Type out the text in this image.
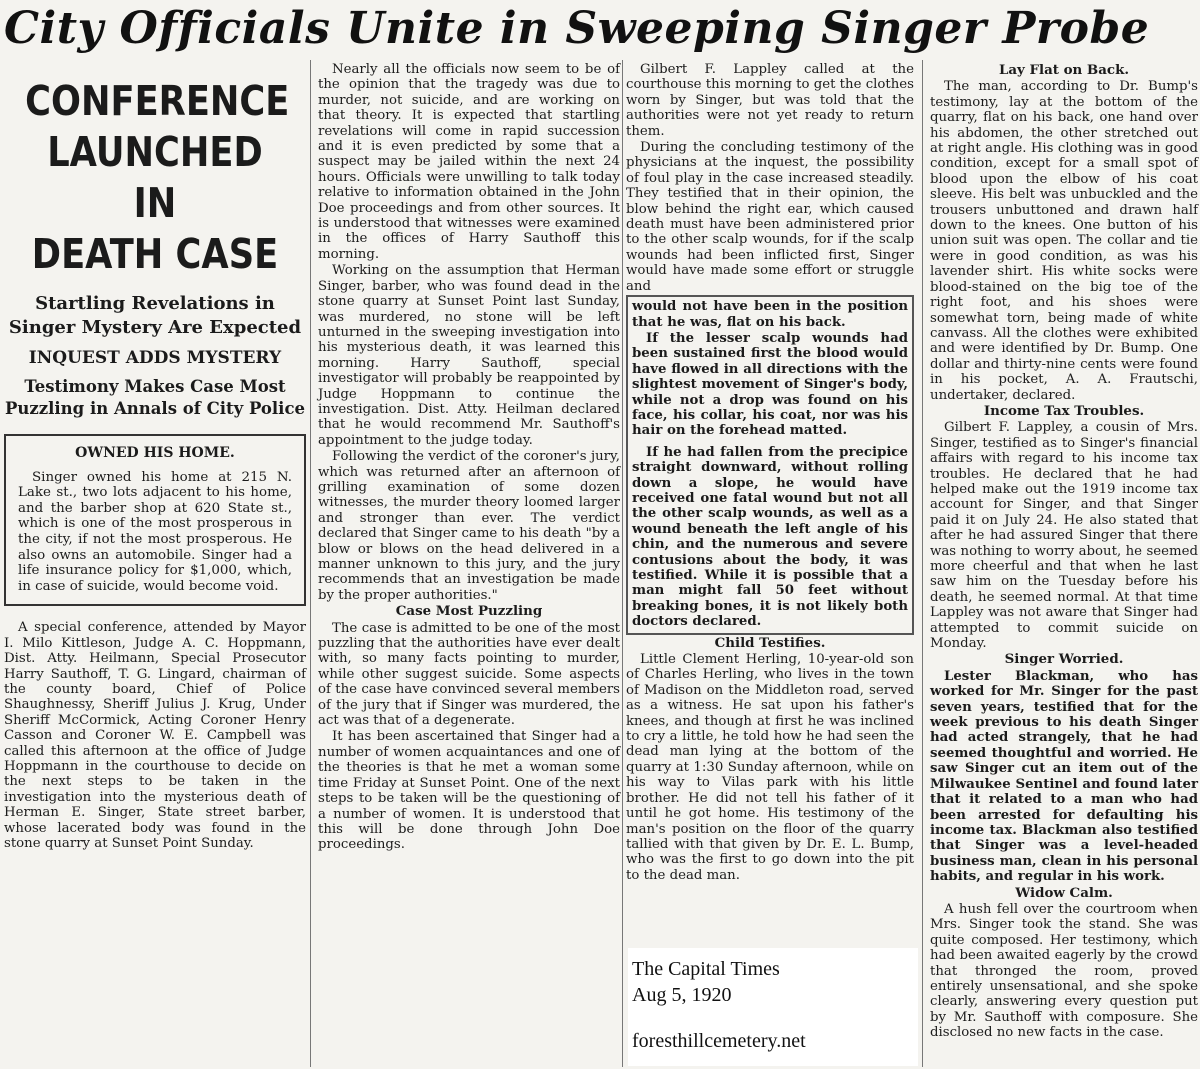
City Officials Unite in Sweeping Singer Probe
CONFERENCE
LAUNCHED IN
DEATH CASE
Startling Revelations in Singer Mystery Are Expected
INQUEST ADDS MYSTERY
Testimony Makes Case Most Puzzling in Annals of City Police
OWNED HIS HOME.
Singer owned his home at 215 N. Lake st., two lots adjacent to his home, and the barber shop at 620 State st., which is one of the most prosperous in the city, if not the most prosperous. He also owns an automobile. Singer had a life insurance policy for $1,000, which, in case of suicide, would become void.

A special conference, attended by Mayor I. Milo Kittleson, Judge A. C. Hoppmann, Dist. Atty. Heilmann, Special Prosecutor Harry Sauthoff, T. G. Lingard, chairman of the county board, Chief of Police Shaughnessy, Sheriff Julius J. Krug, Under Sheriff McCormick, Acting Coroner Henry Casson and Coroner W. E. Campbell was called this afternoon at the office of Judge Hoppmann in the courthouse to decide on the next steps to be taken in the investigation into the mysterious death of Herman E. Singer, State street barber, whose lacerated body was found in the stone quarry at Sunset Point Sunday.

Nearly all the officials now seem to be of the opinion that the tragedy was due to murder, not suicide, and are working on that theory. It is expected that startling revelations will come in rapid succession and it is even predicted by some that a suspect may be jailed within the next 24 hours. Officials were unwilling to talk today relative to information obtained in the John Doe proceedings and from other sources. It is understood that witnesses were examined in the offices of Harry Sauthoff this morning.

Working on the assumption that Herman Singer, barber, who was found dead in the stone quarry at Sunset Point last Sunday, was murdered, no stone will be left unturned in the sweeping investigation into his mysterious death, it was learned this morning. Harry Sauthoff, special investigator will probably be reappointed by Judge Hoppmann to continue the investigation. Dist. Atty. Heilman declared that he would recommend Mr. Sauthoff's appointment to the judge today.

Following the verdict of the coroner's jury, which was returned after an afternoon of grilling examination of some dozen witnesses, the murder theory loomed larger and stronger than ever. The verdict declared that Singer came to his death "by a blow or blows on the head delivered in a manner unknown to this jury, and the jury recommends that an investigation be made by the proper authorities."

Case Most Puzzling

The case is admitted to be one of the most puzzling that the authorities have ever dealt with, so many facts pointing to murder, while other suggest suicide. Some aspects of the case have convinced several members of the jury that if Singer was murdered, the act was that of a degenerate.

It has been ascertained that Singer had a number of women acquaintances and one of the theories is that he met a woman some time Friday at Sunset Point. One of the next steps to be taken will be the questioning of a number of women. It is understood that this will be done through John Doe proceedings.

Gilbert F. Lappley called at the courthouse this morning to get the clothes worn by Singer, but was told that the authorities were not yet ready to return them.

During the concluding testimony of the physicians at the inquest, the possibility of foul play in the case increased steadily. They testified that in their opinion, the blow behind the right ear, which caused death must have been administered prior to the other scalp wounds, for if the scalp wounds had been inflicted first, Singer would have made some effort or struggle and

would not have been in the position that he was, flat on his back.

If the lesser scalp wounds had been sustained first the blood would have flowed in all directions with the slightest movement of Singer's body, while not a drop was found on his face, his collar, his coat, nor was his hair on the forehead matted.

If he had fallen from the precipice straight downward, without rolling down a slope, he would have received one fatal wound but not all the other scalp wounds, as well as a wound beneath the left angle of his chin, and the numerous and severe contusions about the body, it was testified. While it is possible that a man might fall 50 feet without breaking bones, it is not likely both doctors declared.

Child Testifies.

Little Clement Herling, 10-year-old son of Charles Herling, who lives in the town of Madison on the Middleton road, served as a witness. He sat upon his father's knees, and though at first he was inclined to cry a little, he told how he had seen the dead man lying at the bottom of the quarry at 1:30 Sunday afternoon, while on his way to Vilas park with his little brother. He did not tell his father of it until he got home. His testimony of the man's position on the floor of the quarry tallied with that given by Dr. E. L. Bump, who was the first to go down into the pit to the dead man.

Lay Flat on Back.

The man, according to Dr. Bump's testimony, lay at the bottom of the quarry, flat on his back, one hand over his abdomen, the other stretched out at right angle. His clothing was in good condition, except for a small spot of blood upon the elbow of his coat sleeve. His belt was unbuckled and the trousers unbuttoned and drawn half down to the knees. One button of his union suit was open. The collar and tie were in good condition, as was his lavender shirt. His white socks were blood-stained on the big toe of the right foot, and his shoes were somewhat torn, being made of white canvass. All the clothes were exhibited and were identified by Dr. Bump. One dollar and thirty-nine cents were found in his pocket, A. A. Frautschi, undertaker, declared.

Income Tax Troubles.

Gilbert F. Lappley, a cousin of Mrs. Singer, testified as to Singer's financial affairs with regard to his income tax troubles. He declared that he had helped make out the 1919 income tax account for Singer, and that Singer paid it on July 24. He also stated that after he had assured Singer that there was nothing to worry about, he seemed more cheerful and that when he last saw him on the Tuesday before his death, he seemed normal. At that time Lappley was not aware that Singer had attempted to commit suicide on Monday.

Singer Worried.

Lester Blackman, who has worked for Mr. Singer for the past seven years, testified that for the week previous to his death Singer had acted strangely, that he had seemed thoughtful and worried. He saw Singer cut an item out of the Milwaukee Sentinel and found later that it related to a man who had been arrested for defaulting his income tax. Blackman also testified that Singer was a level-headed business man, clean in his personal habits, and regular in his work.

Widow Calm.

A hush fell over the courtroom when Mrs. Singer took the stand. She was quite composed. Her testimony, which had been awaited eagerly by the crowd that thronged the room, proved entirely unsensational, and she spoke clearly, answering every question put by Mr. Sauthoff with composure. She disclosed no new facts in the case.

The Capital Times
Aug 5, 1920
foresthillcemetery.net
